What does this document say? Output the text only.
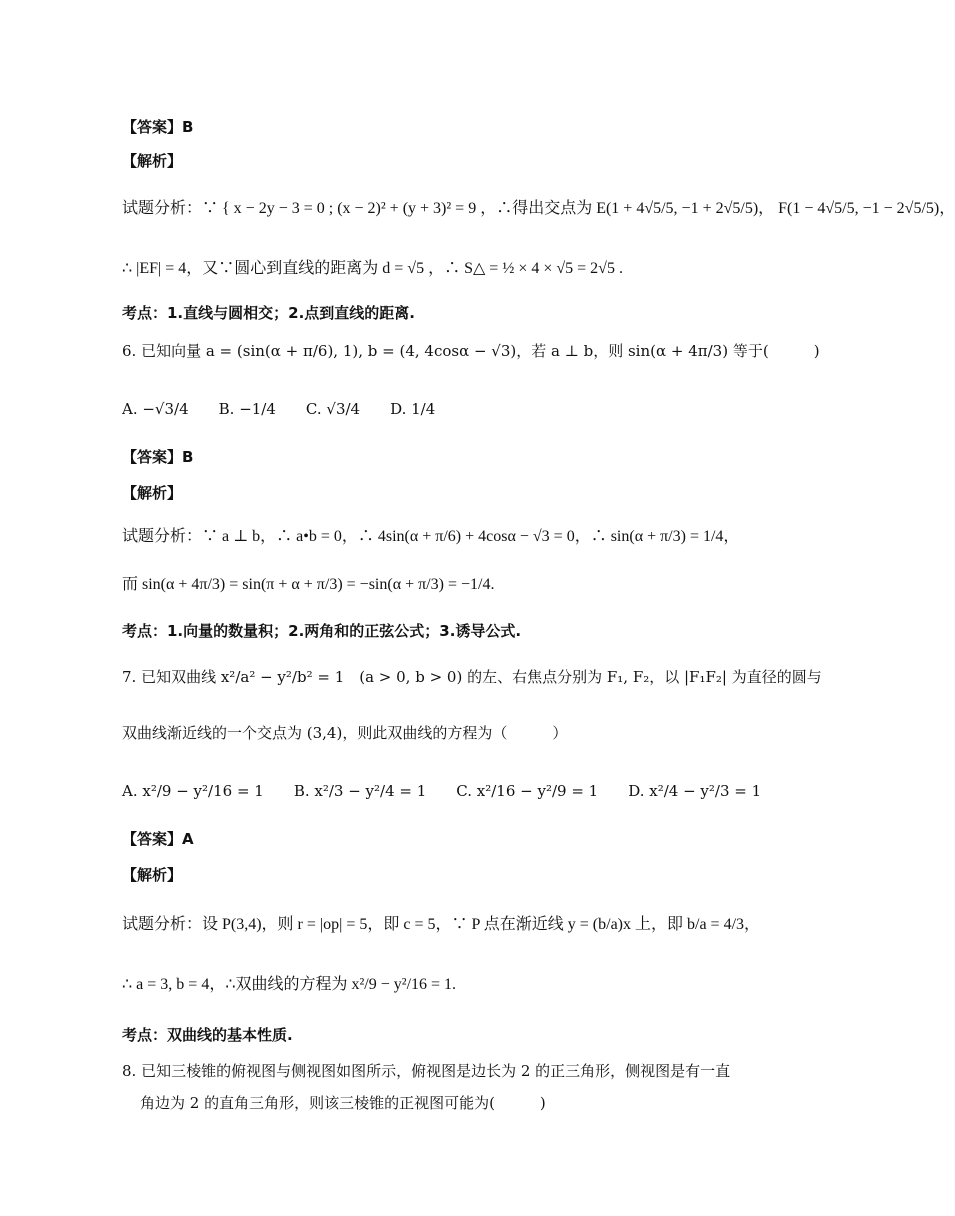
【答案】B
【解析】
试题分析：∵ { x − 2y − 3 = 0 ; (x − 2)² + (y + 3)² = 9 ，∴得出交点为 E(1 + 4√5/5, −1 + 2√5/5)， F(1 − 4√5/5, −1 − 2√5/5)，
∴ |EF| = 4，又∵圆心到直线的距离为 d = √5 ，∴ S△ = ½ × 4 × √5 = 2√5 .
考点：1.直线与圆相交；2.点到直线的距离.
6. 已知向量 a = (sin(α + π/6), 1), b = (4, 4cosα − √3)，若 a ⊥ b，则 sin(α + 4π/3) 等于(　　　)
A. −√3/4　　B. −1/4　　C. √3/4　　D. 1/4
【答案】B
【解析】
试题分析：∵ a ⊥ b，∴ a•b = 0，∴ 4sin(α + π/6) + 4cosα − √3 = 0，∴ sin(α + π/3) = 1/4，
而 sin(α + 4π/3) = sin(π + α + π/3) = −sin(α + π/3) = −1/4.
考点：1.向量的数量积；2.两角和的正弦公式；3.诱导公式.
7. 已知双曲线 x²/a² − y²/b² = 1　(a > 0, b > 0) 的左、右焦点分别为 F₁, F₂，以 |F₁F₂| 为直径的圆与
双曲线渐近线的一个交点为 (3,4)，则此双曲线的方程为（　　　）
A. x²/9 − y²/16 = 1　　B. x²/3 − y²/4 = 1　　C. x²/16 − y²/9 = 1　　D. x²/4 − y²/3 = 1
【答案】A
【解析】
试题分析：设 P(3,4)，则 r = |op| = 5，即 c = 5，∵ P 点在渐近线 y = (b/a)x 上，即 b/a = 4/3，
∴ a = 3, b = 4，∴双曲线的方程为 x²/9 − y²/16 = 1.
考点：双曲线的基本性质.
8. 已知三棱锥的俯视图与侧视图如图所示，俯视图是边长为 2 的正三角形，侧视图是有一直
角边为 2 的直角三角形，则该三棱锥的正视图可能为(　　　)
